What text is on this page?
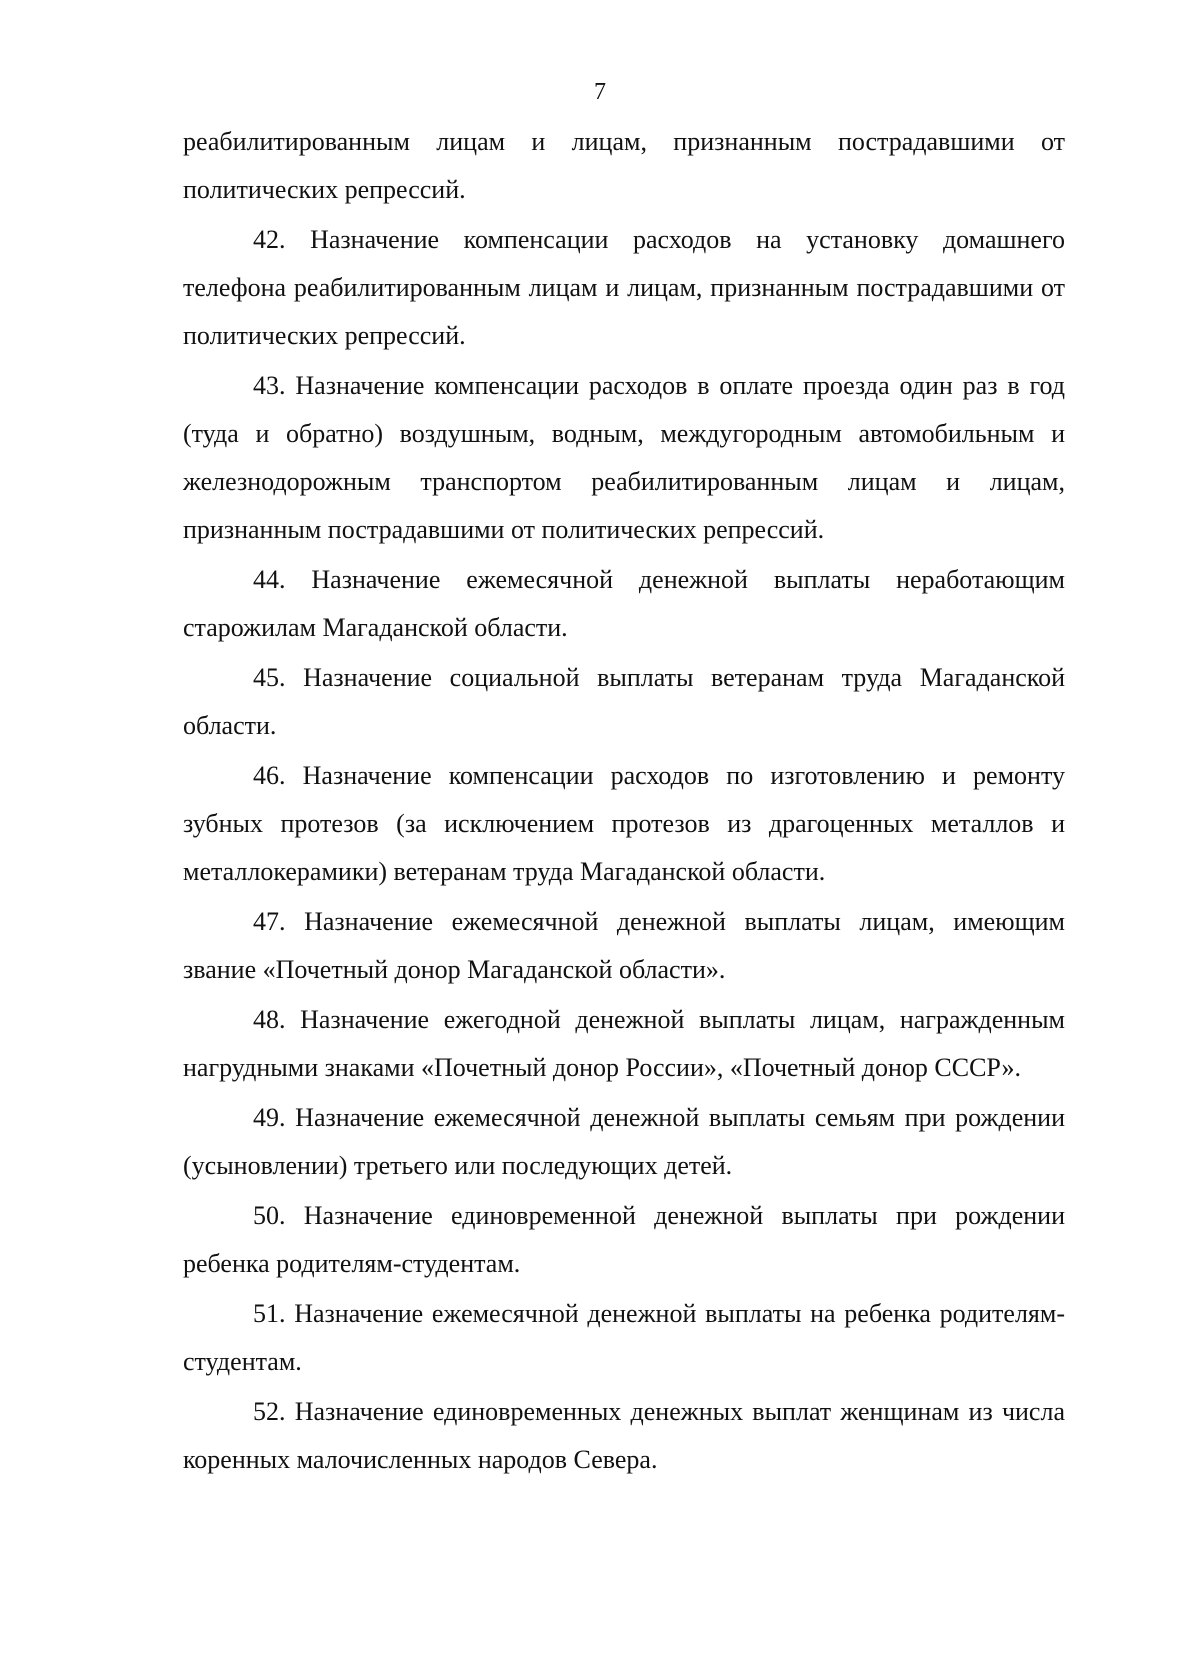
7

реабилитированным лицам и лицам, признанным пострадавшими от политических репрессий.

42. Назначение компенсации расходов на установку домашнего телефона реабилитированным лицам и лицам, признанным пострадавшими от политических репрессий.

43. Назначение компенсации расходов в оплате проезда один раз в год (туда и обратно) воздушным, водным, междугородным автомобильным и железнодорожным транспортом реабилитированным лицам и лицам, признанным пострадавшими от политических репрессий.

44. Назначение ежемесячной денежной выплаты неработающим старожилам Магаданской области.

45. Назначение социальной выплаты ветеранам труда Магаданской области.

46. Назначение компенсации расходов по изготовлению и ремонту зубных протезов (за исключением протезов из драгоценных металлов и металлокерамики) ветеранам труда Магаданской области.

47. Назначение ежемесячной денежной выплаты лицам, имеющим звание «Почетный донор Магаданской области».

48. Назначение ежегодной денежной выплаты лицам, награжденным нагрудными знаками «Почетный донор России», «Почетный донор СССР».

49. Назначение ежемесячной денежной выплаты семьям при рождении (усыновлении) третьего или последующих детей.

50. Назначение единовременной денежной выплаты при рождении ребенка родителям-студентам.

51. Назначение ежемесячной денежной выплаты на ребенка родителям-студентам.

52. Назначение единовременных денежных выплат женщинам из числа коренных малочисленных народов Севера.
